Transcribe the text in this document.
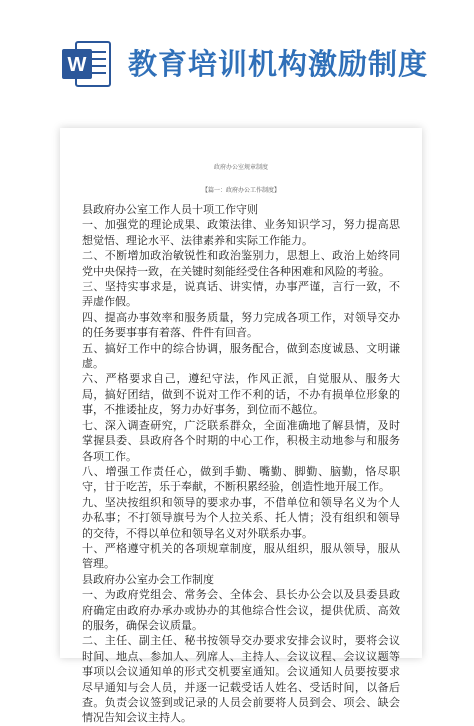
W 教育培训机构激励制度
政府办公室规章制度
【篇一：政府办公工作制度】

县政府办公室工作人员十项工作守则

一、加强党的理论成果、政策法律、业务知识学习，努力提高思想觉悟、理论水平、法律素养和实际工作能力。

二、不断增加政治敏锐性和政治鉴别力，思想上、政治上始终同党中央保持一致，在关键时刻能经受住各种困难和风险的考验。

三、坚持实事求是，说真话、讲实情，办事严谨，言行一致，不弄虚作假。

四、提高办事效率和服务质量，努力完成各项工作，对领导交办的任务要事事有着落、件件有回音。

五、搞好工作中的综合协调，服务配合，做到态度诚恳、文明谦虚。

六、严格要求自己，遵纪守法，作风正派，自觉服从、服务大局，搞好团结，做到不说对工作不利的话，不办有损单位形象的事，不推诿扯皮，努力办好事务，到位而不越位。

七、深入调查研究，广泛联系群众，全面准确地了解县情，及时掌握县委、县政府各个时期的中心工作，积极主动地参与和服务各项工作。

八、增强工作责任心，做到手勤、嘴勤、脚勤、脑勤，恪尽职守，甘于吃苦，乐于奉献，不断积累经验，创造性地开展工作。

九、坚决按组织和领导的要求办事，不借单位和领导名义为个人办私事；不打领导旗号为个人拉关系、托人情；没有组织和领导的交待，不得以单位和领导名义对外联系办事。

十、严格遵守机关的各项规章制度，服从组织，服从领导，服从管理。

县政府办公室办会工作制度

一、为政府党组会、常务会、全体会、县长办公会以及县委县政府确定由政府办承办或协办的其他综合性会议，提供优质、高效的服务，确保会议质量。

二、主任、副主任、秘书按领导交办要求安排会议时，要将会议时间、地点、参加人、列席人、主持人、会议议程、会议议题等事项以会议通知单的形式交机要室通知。会议通知人员要按要求尽早通知与会人员，并逐一记载受话人姓名、受话时间，以备后查。负责会议签到或记录的人员会前要将人员到会、项会、缺会情况告知会议主持人。
